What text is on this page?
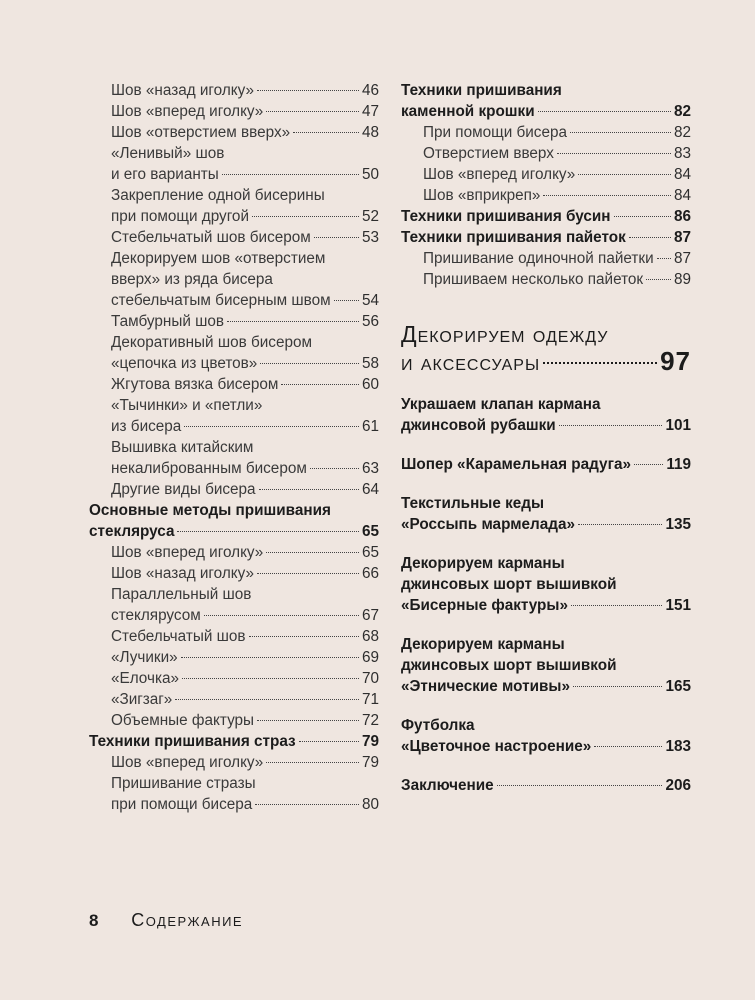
Шов «назад иголку»	46
Шов «вперед иголку»	47
Шов «отверстием вверх»	48
«Ленивый» шов
и его варианты	50
Закрепление одной бисерины
при помощи другой	52
Стебельчатый шов бисером	53
Декорируем шов «отверстием
вверх» из ряда бисера
стебельчатым бисерным швом 54
Тамбурный шов	56
Декоративный шов бисером
«цепочка из цветов»	58
Жгутова вязка бисером	60
«Тычинки» и «петли»
из бисера	61
Вышивка китайским
некалиброванным бисером	63
Другие виды бисера	64
Основные методы пришивания
стекляруса	65
Шов «вперед иголку»	65
Шов «назад иголку»	66
Параллельный шов
стеклярусом	67
Стебельчатый шов	68
«Лучики»	69
«Елочка»	70
«Зигзаг»	71
Объемные фактуры	72
Техники пришивания страз	79
Шов «вперед иголку»	79
Пришивание стразы
при помощи бисера	80
Техники пришивания
каменной крошки	82
При помощи бисера	82
Отверстием вверх	83
Шов «вперед иголку»	84
Шов «вприкреп»	84
Техники пришивания бусин	86
Техники пришивания пайеток	87
Пришивание одиночной пайетки 87
Пришиваем несколько пайеток 89
Декорируем одежду
и аксессуары	97
Украшаем клапан кармана
джинсовой рубашки	101
Шопер «Карамельная радуга» 119
Текстильные кеды
«Россыпь мармелада»	135
Декорируем карманы
джинсовых шорт вышивкой
«Бисерные фактуры»	151
Декорируем карманы
джинсовых шорт вышивкой
«Этнические мотивы»	165
Футболка
«Цветочное настроение»	183
Заключение	206
8 Содержание
